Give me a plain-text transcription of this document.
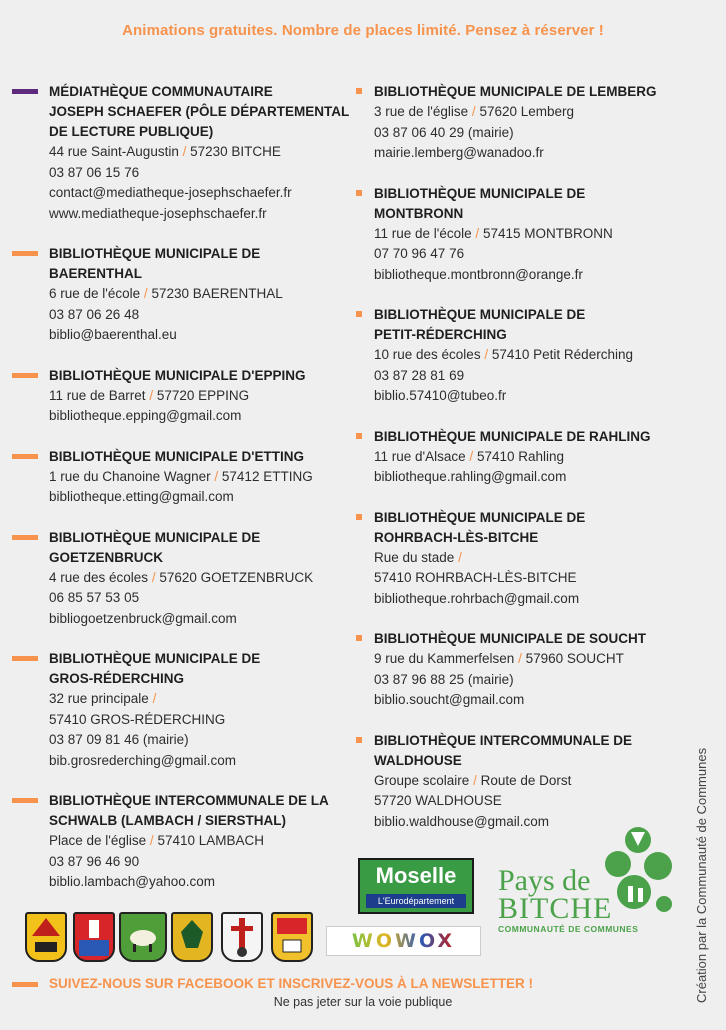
Animations gratuites. Nombre de places limité. Pensez à réserver !
MÉDIATHÈQUE COMMUNAUTAIRE
JOSEPH SCHAEFER (PÔLE DÉPARTEMENTAL
DE LECTURE PUBLIQUE)
44 rue Saint-Augustin / 57230 BITCHE
03 87 06 15 76
contact@mediatheque-josephschaefer.fr
www.mediatheque-josephschaefer.fr
BIBLIOTHÈQUE MUNICIPALE DE
BAERENTHAL
6 rue de l'école / 57230 BAERENTHAL
03 87 06 26 48
biblio@baerenthal.eu
BIBLIOTHÈQUE MUNICIPALE D'EPPING
11 rue de Barret / 57720 EPPING
bibliotheque.epping@gmail.com
BIBLIOTHÈQUE MUNICIPALE D'ETTING
1 rue du Chanoine Wagner / 57412 ETTING
bibliotheque.etting@gmail.com
BIBLIOTHÈQUE MUNICIPALE DE
GOETZENBRUCK
4 rue des écoles / 57620 GOETZENBRUCK
06 85 57 53 05
bibliogoetzenbruck@gmail.com
BIBLIOTHÈQUE MUNICIPALE DE
GROS-RÉDERCHING
32 rue principale /
57410 GROS-RÉDERCHING
03 87 09 81 46 (mairie)
bib.grosrederching@gmail.com
BIBLIOTHÈQUE INTERCOMMUNALE DE LA
SCHWALB (LAMBACH / SIERSTHAL)
Place de l'église / 57410 LAMBACH
03 87 96 46 90
biblio.lambach@yahoo.com
BIBLIOTHÈQUE MUNICIPALE DE LEMBERG
3 rue de l'église / 57620 Lemberg
03 87 06 40 29 (mairie)
mairie.lemberg@wanadoo.fr
BIBLIOTHÈQUE MUNICIPALE DE
MONTBRONN
11 rue de l'école / 57415 MONTBRONN
07 70 96 47 76
bibliotheque.montbronn@orange.fr
BIBLIOTHÈQUE MUNICIPALE DE
PETIT-RÉDERCHING
10 rue des écoles / 57410 Petit Réderching
03 87 28 81 69
biblio.57410@tubeo.fr
BIBLIOTHÈQUE MUNICIPALE DE RAHLING
11 rue d'Alsace / 57410 Rahling
bibliotheque.rahling@gmail.com
BIBLIOTHÈQUE MUNICIPALE DE
ROHRBACH-LÈS-BITCHE
Rue du stade /
57410 ROHRBACH-LÈS-BITCHE
bibliotheque.rohrbach@gmail.com
BIBLIOTHÈQUE MUNICIPALE DE SOUCHT
9 rue du Kammerfelsen / 57960 SOUCHT
03 87 96 88 25 (mairie)
biblio.soucht@gmail.com
BIBLIOTHÈQUE INTERCOMMUNALE DE
WALDHOUSE
Groupe scolaire / Route de Dorst
57720 WALDHOUSE
biblio.waldhouse@gmail.com
Moselle
L'Eurodépartement
WOWOX
Pays de
BITCHE
COMMUNAUTÉ DE COMMUNES
SUIVEZ-NOUS SUR FACEBOOK ET INSCRIVEZ-VOUS À LA NEWSLETTER !
Ne pas jeter sur la voie publique	Création par la Communauté de Communes
